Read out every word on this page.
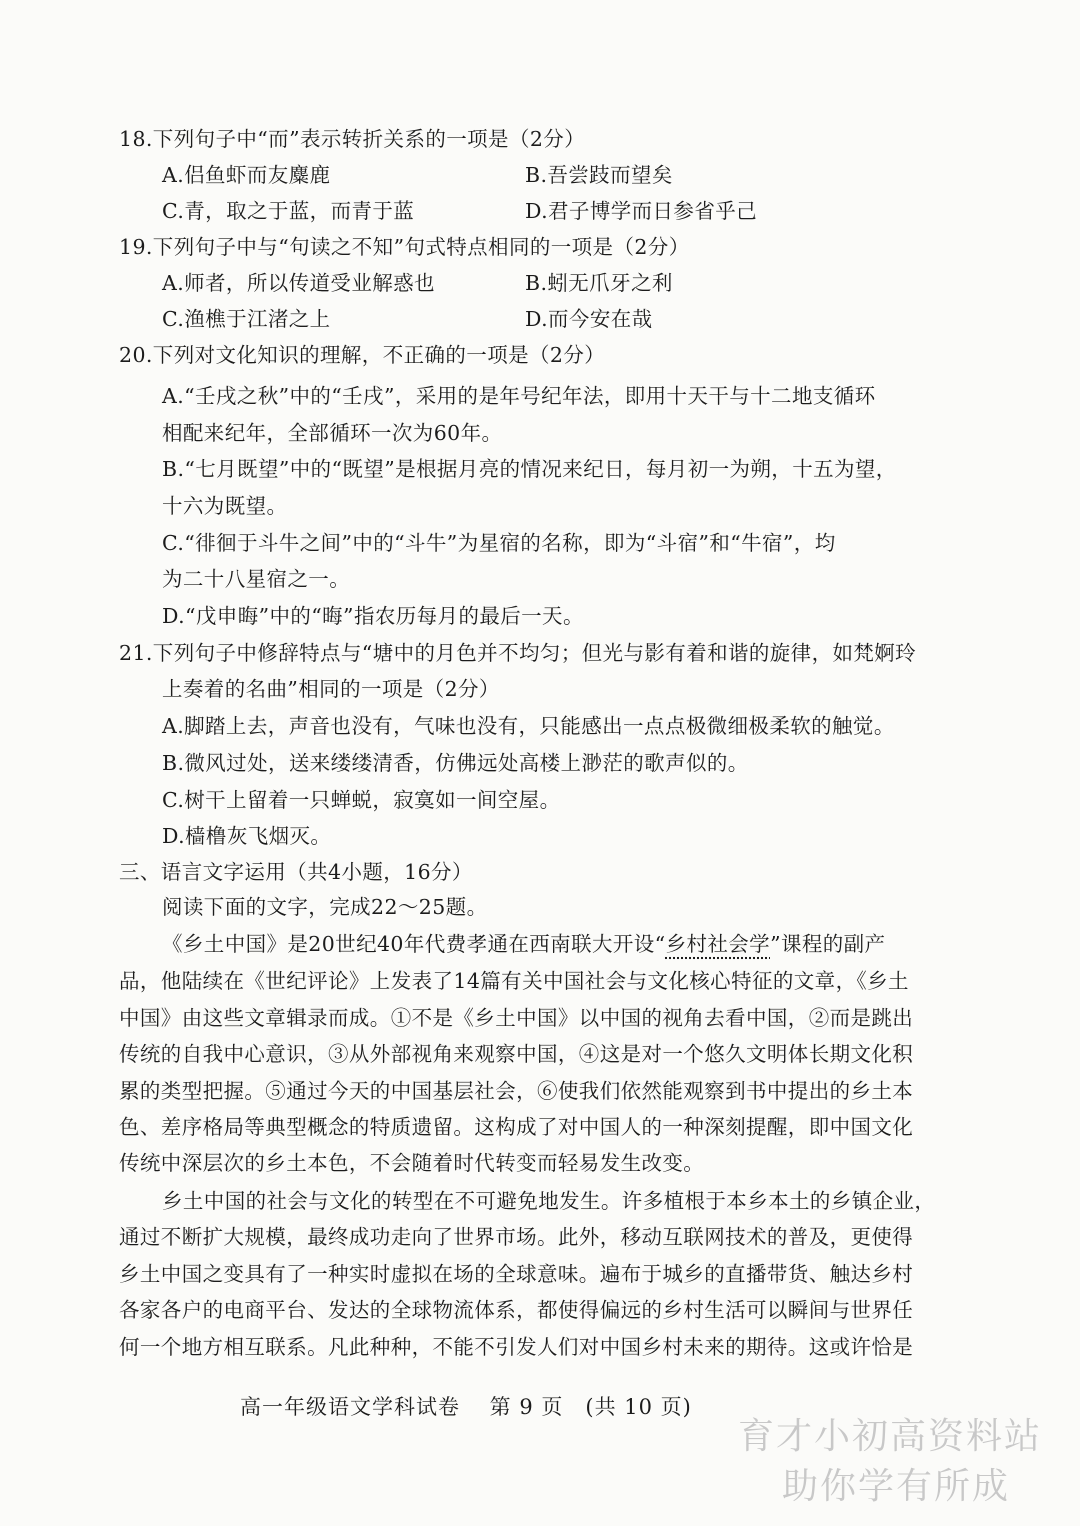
18.下列句子中“而”表示转折关系的一项是（2分）
A.侣鱼虾而友麋鹿	B.吾尝跂而望矣
C.青，取之于蓝，而青于蓝	D.君子博学而日参省乎己
19.下列句子中与“句读之不知”句式特点相同的一项是（2分）
A.师者，所以传道受业解惑也	B.蚓无爪牙之利
C.渔樵于江渚之上	D.而今安在哉
20.下列对文化知识的理解，不正确的一项是（2分）
A.“壬戌之秋”中的“壬戌”，采用的是年号纪年法，即用十天干与十二地支循环
相配来纪年，全部循环一次为60年。
B.“七月既望”中的“既望”是根据月亮的情况来纪日，每月初一为朔，十五为望，
十六为既望。
C.“徘徊于斗牛之间”中的“斗牛”为星宿的名称，即为“斗宿”和“牛宿”，均
为二十八星宿之一。
D.“戊申晦”中的“晦”指农历每月的最后一天。
21.下列句子中修辞特点与“塘中的月色并不均匀；但光与影有着和谐的旋律，如梵婀玲
上奏着的名曲”相同的一项是（2分）
A.脚踏上去，声音也没有，气味也没有，只能感出一点点极微细极柔软的触觉。
B.微风过处，送来缕缕清香，仿佛远处高楼上渺茫的歌声似的。
C.树干上留着一只蝉蜕，寂寞如一间空屋。
D.樯橹灰飞烟灭。
三、语言文字运用（共4小题，16分）
阅读下面的文字，完成22～25题。
《乡土中国》是20世纪40年代费孝通在西南联大开设“乡村社会学”课程的副产
品，他陆续在《世纪评论》上发表了14篇有关中国社会与文化核心特征的文章，《乡土
中国》由这些文章辑录而成。①不是《乡土中国》以中国的视角去看中国，②而是跳出
传统的自我中心意识，③从外部视角来观察中国，④这是对一个悠久文明体长期文化积
累的类型把握。⑤通过今天的中国基层社会，⑥使我们依然能观察到书中提出的乡土本
色、差序格局等典型概念的特质遗留。这构成了对中国人的一种深刻提醒，即中国文化
传统中深层次的乡土本色，不会随着时代转变而轻易发生改变。
乡土中国的社会与文化的转型在不可避免地发生。许多植根于本乡本土的乡镇企业，
通过不断扩大规模，最终成功走向了世界市场。此外，移动互联网技术的普及，更使得
乡土中国之变具有了一种实时虚拟在场的全球意味。遍布于城乡的直播带货、触达乡村
各家各户的电商平台、发达的全球物流体系，都使得偏远的乡村生活可以瞬间与世界任
何一个地方相互联系。凡此种种，不能不引发人们对中国乡村未来的期待。这或许恰是
高一年级语文学科试卷　 第 9 页　(共 10 页)
育才小初高资料站
助你学有所成
